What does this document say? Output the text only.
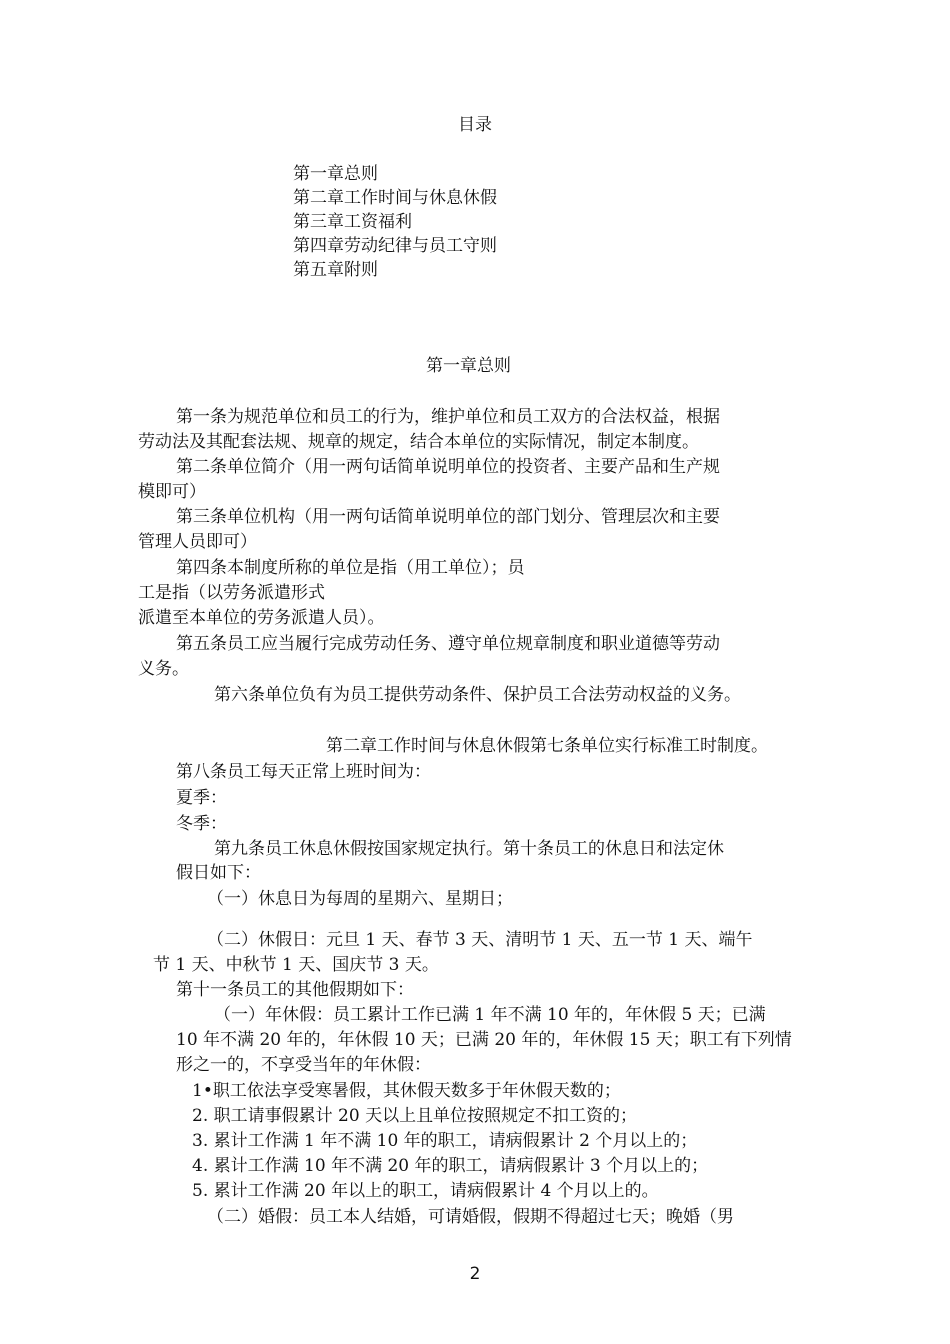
目录
第一章总则
第二章工作时间与休息休假
第三章工资福利
第四章劳动纪律与员工守则
第五章附则
第一章总则
第一条为规范单位和员工的行为，维护单位和员工双方的合法权益，根据
劳动法及其配套法规、规章的规定，结合本单位的实际情况，制定本制度。
第二条单位简介（用一两句话简单说明单位的投资者、主要产品和生产规
模即可）
第三条单位机构（用一两句话简单说明单位的部门划分、管理层次和主要
管理人员即可）
第四条本制度所称的单位是指（用工单位）；员
工是指（以劳务派遣形式
派遣至本单位的劳务派遣人员）。
第五条员工应当履行完成劳动任务、遵守单位规章制度和职业道德等劳动
义务。
第六条单位负有为员工提供劳动条件、保护员工合法劳动权益的义务。
第二章工作时间与休息休假第七条单位实行标准工时制度。
第八条员工每天正常上班时间为：
夏季：
冬季：
第九条员工休息休假按国家规定执行。第十条员工的休息日和法定休
假日如下：
（一）休息日为每周的星期六、星期日；
（二）休假日：元旦 1 天、春节 3 天、清明节 1 天、五一节 1 天、端午
节 1 天、中秋节 1 天、国庆节 3 天。
第十一条员工的其他假期如下：
（一）年休假：员工累计工作已满 1 年不满 10 年的，年休假 5 天；已满
10 年不满 20 年的，年休假 10 天；已满 20 年的，年休假 15 天；职工有下列情
形之一的，不享受当年的年休假：
1•职工依法享受寒暑假，其休假天数多于年休假天数的；
2. 职工请事假累计 20 天以上且单位按照规定不扣工资的；
3. 累计工作满 1 年不满 10 年的职工，请病假累计 2 个月以上的；
4. 累计工作满 10 年不满 20 年的职工，请病假累计 3 个月以上的；
5. 累计工作满 20 年以上的职工，请病假累计 4 个月以上的。
（二）婚假：员工本人结婚，可请婚假，假期不得超过七天；晚婚（男
2
